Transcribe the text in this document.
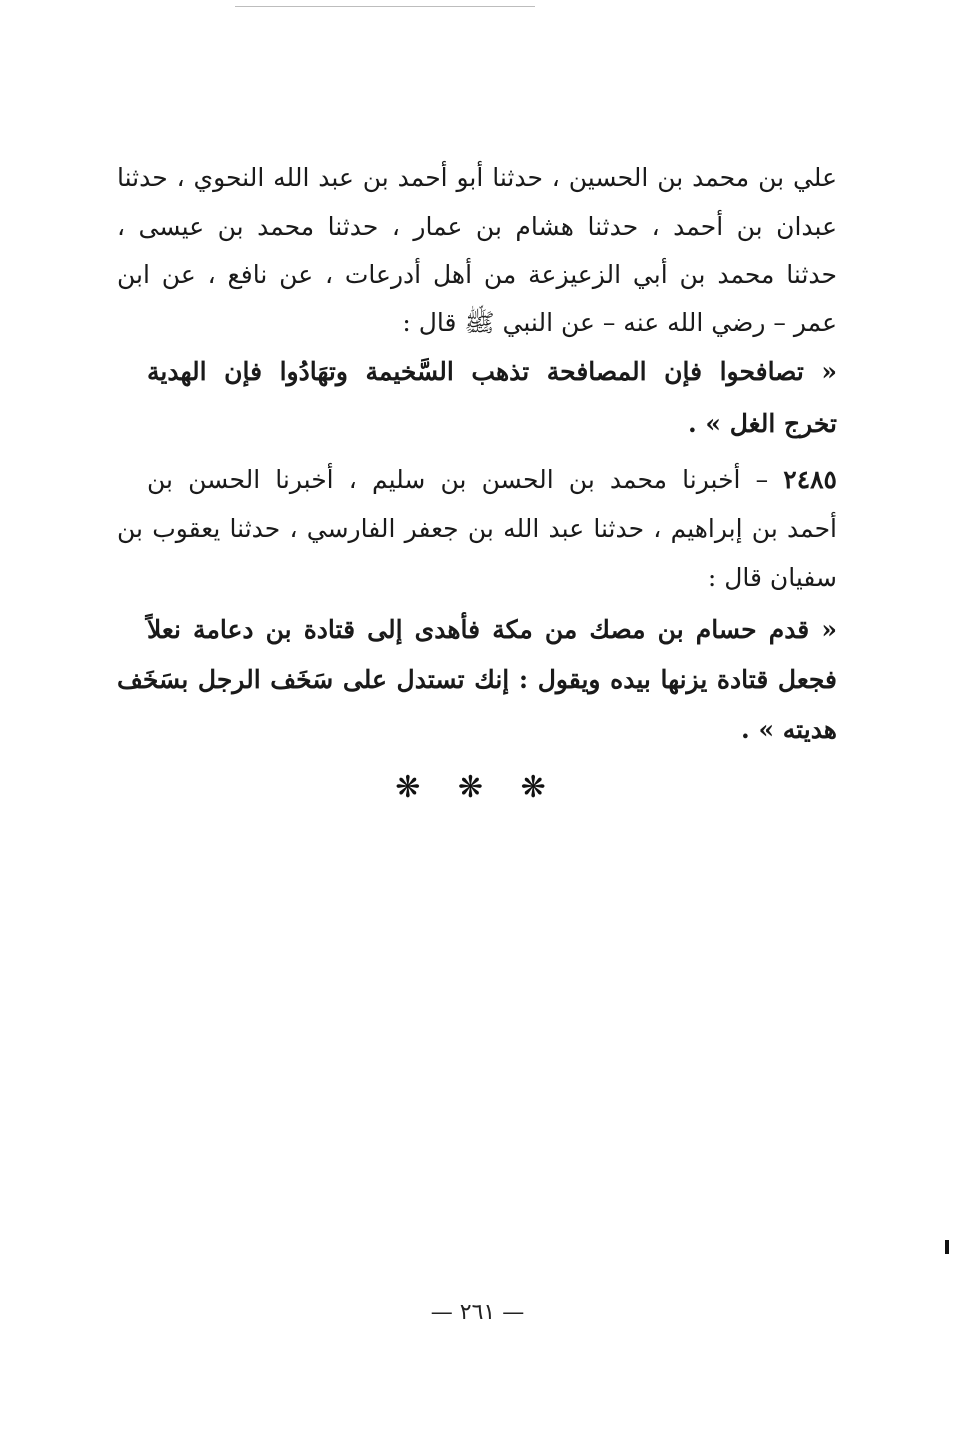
علي بن محمد بن الحسين ، حدثنا أبو أحمد بن عبد الله النحوي ، حدثنا
عبدان بن أحمد ، حدثنا هشام بن عمار ، حدثنا محمد بن عيسى ،
حدثنا محمد بن أبي الزعيزعة من أهل أدرعات ، عن نافع ، عن ابن
عمر – رضي الله عنه – عن النبي ﷺ قال :
« تصافحوا فإن المصافحة تذهب السَّخيمة وتهَادُوا فإن الهدية
تخرج الغل » .
٢٤٨٥ – أخبرنا محمد بن الحسن بن سليم ، أخبرنا الحسن بن
أحمد بن إبراهيم ، حدثنا عبد الله بن جعفر الفارسي ، حدثنا يعقوب بن
سفيان قال :
« قدم حسام بن مصك من مكة فأهدى إلى قتادة بن دعامة نعلاً
فجعل قتادة يزنها بيده ويقول : إنك تستدل على سَخَف الرجل بسَخَف
هديته » .
❋ ❋ ❋
— ٢٦١ —
